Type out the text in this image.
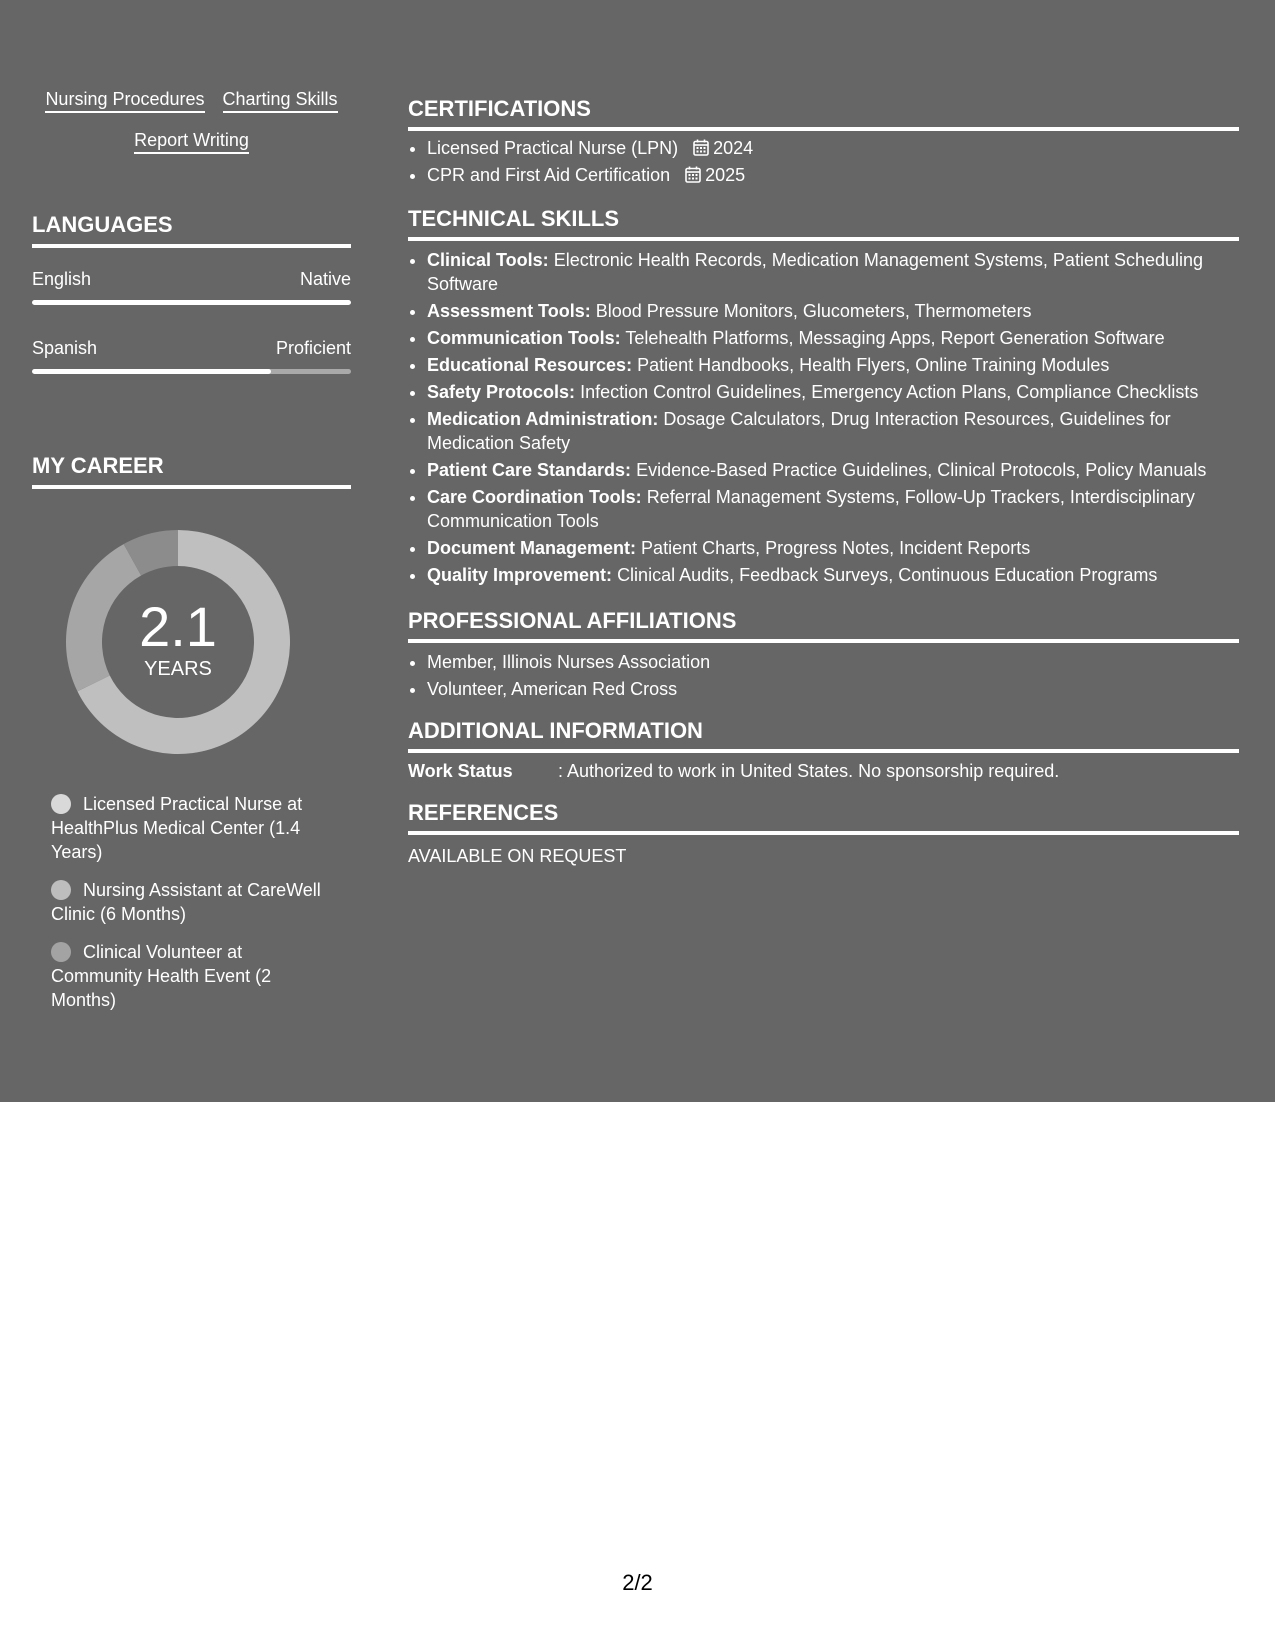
Nursing Procedures Charting Skills
Report Writing
LANGUAGES
English	Native
Spanish	Proficient
MY CAREER
2.1
YEARS
Licensed Practical Nurse at HealthPlus Medical Center (1.4 Years)
Nursing Assistant at CareWell Clinic (6 Months)
Clinical Volunteer at Community Health Event (2 Months)
CERTIFICATIONS
• Licensed Practical Nurse (LPN) 2024
• CPR and First Aid Certification 2025
TECHNICAL SKILLS
• Clinical Tools: Electronic Health Records, Medication Management Systems, Patient Scheduling Software
• Assessment Tools: Blood Pressure Monitors, Glucometers, Thermometers
• Communication Tools: Telehealth Platforms, Messaging Apps, Report Generation Software
• Educational Resources: Patient Handbooks, Health Flyers, Online Training Modules
• Safety Protocols: Infection Control Guidelines, Emergency Action Plans, Compliance Checklists
• Medication Administration: Dosage Calculators, Drug Interaction Resources, Guidelines for Medication Safety
• Patient Care Standards: Evidence-Based Practice Guidelines, Clinical Protocols, Policy Manuals
• Care Coordination Tools: Referral Management Systems, Follow-Up Trackers, Interdisciplinary Communication Tools
• Document Management: Patient Charts, Progress Notes, Incident Reports
• Quality Improvement: Clinical Audits, Feedback Surveys, Continuous Education Programs
PROFESSIONAL AFFILIATIONS
• Member, Illinois Nurses Association
• Volunteer, American Red Cross
ADDITIONAL INFORMATION
Work Status	: Authorized to work in United States. No sponsorship required.
REFERENCES
AVAILABLE ON REQUEST
2/2
